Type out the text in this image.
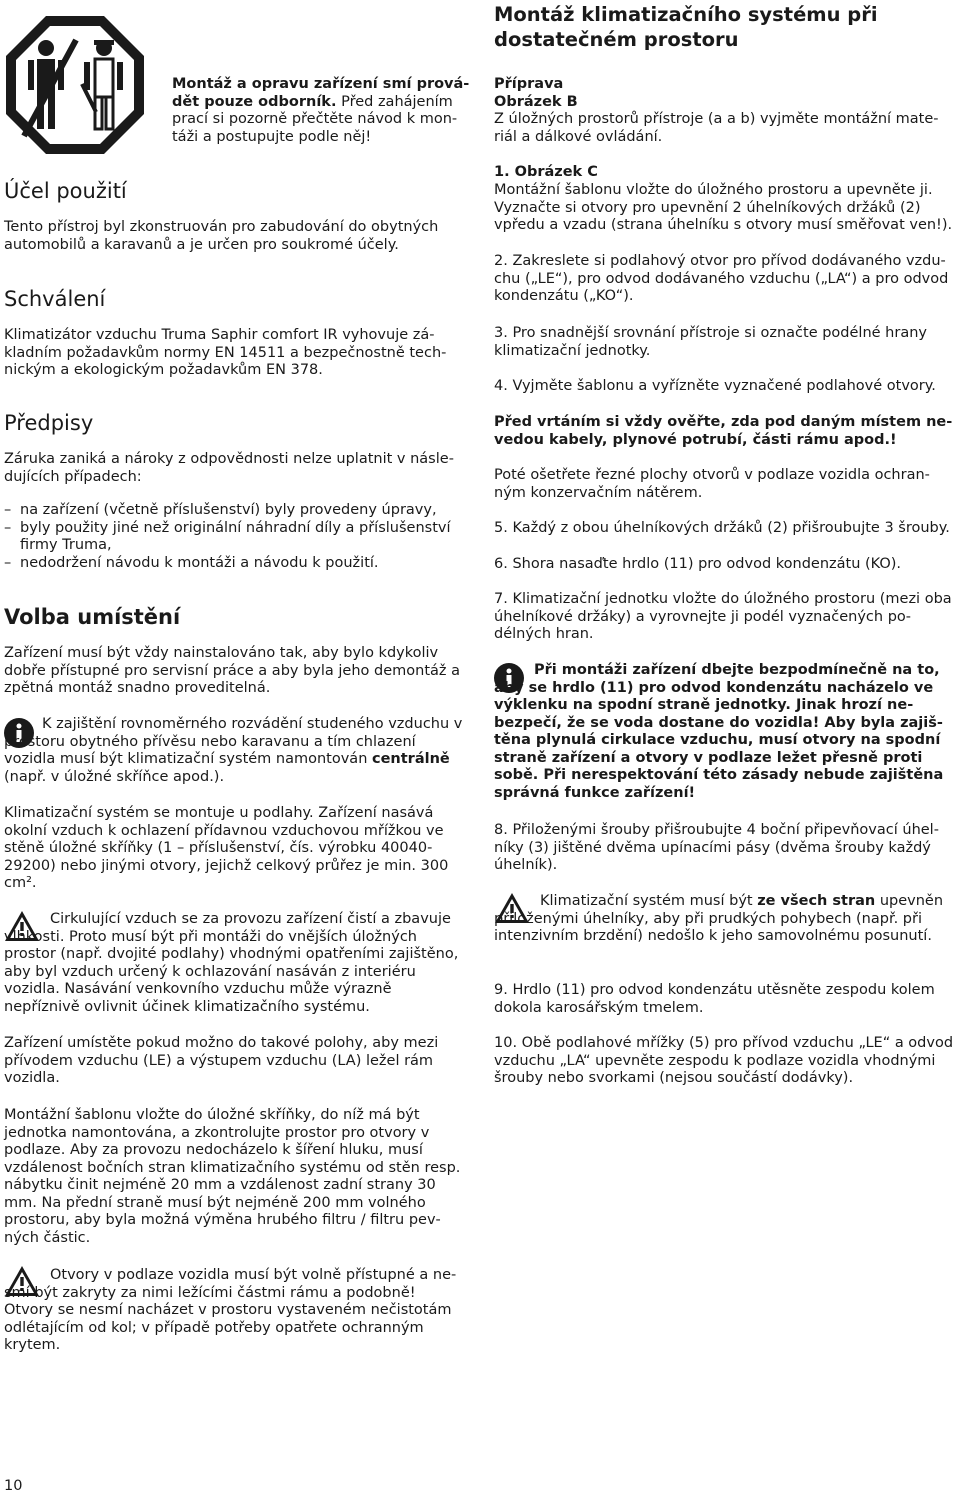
Montáž a opravu zařízení smí prová-
dět pouze odborník. Před zahájením
prací si pozorně přečtěte návod k mon-
táži a postupujte podle něj!
Montáž klimatizačního systému při
dostatečném prostoru
Účel použití

Tento přístroj byl zkonstruován pro zabudování do obytných automobilů a karavanů a je určen pro soukromé účely.

Schválení

Klimatizátor vzduchu Truma Saphir comfort IR vyhovuje základním požadavkům normy EN 14511 a bezpečnostně technickým a ekologickým požadavkům EN 378.

Předpisy

Záruka zaniká a nároky z odpovědnosti nelze uplatnit v následujících případech:

– na zařízení (včetně příslušenství) byly provedeny úpravy,
– byly použity jiné než originální náhradní díly a příslušenství firmy Truma,
– nedodržení návodu k montáži a návodu k použití.
Volba umístění

Zařízení musí být vždy nainstalováno tak, aby bylo kdykoliv dobře přístupné pro servisní práce a aby byla jeho demontáž a zpětná montáž snadno proveditelná.

K zajištění rovnoměrného rozvádění studeného vzduchu v prostoru obytného přívěsu nebo karavanu a tím chlazení vozidla musí být klimatizační systém namontován centrálně (např. v úložné skříňce apod.).

Klimatizační systém se montuje u podlahy. Zařízení nasává okolní vzduch k ochlazení přídavnou vzduchovou mřížkou ve stěně úložné skříňky (1 – příslušenství, čís. výrobku 40040-29200) nebo jinými otvory, jejichž celkový průřez je min. 300 cm².

Cirkulující vzduch se za provozu zařízení čistí a zbavuje vlhkosti. Proto musí být při montáži do vnějších úložných prostor (např. dvojité podlahy) vhodnými opatřeními zajištěno, aby byl vzduch určený k ochlazování nasáván z interiéru vozidla. Nasávání venkovního vzduchu může výrazně nepříznivě ovlivnit účinek klimatizačního systému.

Zařízení umístěte pokud možno do takové polohy, aby mezi přívodem vzduchu (LE) a výstupem vzduchu (LA) ležel rám vozidla.

Montážní šablonu vložte do úložné skříňky, do níž má být jednotka namontována, a zkontrolujte prostor pro otvory v podlaze. Aby za provozu nedocházelo k šíření hluku, musí vzdálenost bočních stran klimatizačního systému od stěn resp. nábytku činit nejméně 20 mm a vzdálenost zadní strany 30 mm. Na přední straně musí být nejméně 200 mm volného prostoru, aby byla možná výměna hrubého filtru / filtru pevných částic.

Otvory v podlaze vozidla musí být volně přístupné a nesmí být zakryty za nimi ležícími částmi rámu a podobně! Otvory se nesmí nacházet v prostoru vystaveném nečistotám odlétajícím od kol; v případě potřeby opatřete ochranným krytem.

10
Příprava
Obrázek B

Z úložných prostorů přístroje (a a b) vyjměte montážní materiál a dálkové ovládání.

1. Obrázek C

Montážní šablonu vložte do úložného prostoru a upevněte ji. Vyznačte si otvory pro upevnění 2 úhelníkových držáků (2) vpředu a vzadu (strana úhelníku s otvory musí směřovat ven!).

2. Zakreslete si podlahový otvor pro přívod dodávaného vzduchu („LE“), pro odvod dodávaného vzduchu („LA“) a pro odvod kondenzátu („KO“).

3. Pro snadnější srovnání přístroje si označte podélné hrany klimatizační jednotky.

4. Vyjměte šablonu a vyřízněte vyznačené podlahové otvory.

Před vrtáním si vždy ověřte, zda pod daným místem nevedou kabely, plynové potrubí, části rámu apod.!

Poté ošetřete řezné plochy otvorů v podlaze vozidla ochranným konzervačním nátěrem.

5. Každý z obou úhelníkových držáků (2) přišroubujte 3 šrouby.

6. Shora nasaďte hrdlo (11) pro odvod kondenzátu (KO).

7. Klimatizační jednotku vložte do úložného prostoru (mezi oba úhelníkové držáky) a vyrovnejte ji podél vyznačených podélných hran.

Při montáži zařízení dbejte bezpodmínečně na to, aby se hrdlo (11) pro odvod kondenzátu nacházelo ve výklenku na spodní straně jednotky. Jinak hrozí nebezpečí, že se voda dostane do vozidla! Aby byla zajištěna plynulá cirkulace vzduchu, musí otvory na spodní straně zařízení a otvory v podlaze ležet přesně proti sobě. Při nerespektování této zásady nebude zajištěna správná funkce zařízení!

8. Přiloženými šrouby přišroubujte 4 boční připevňovací úhelníky (3) jištěné dvěma upínacími pásy (dvěma šrouby každý úhelník).

Klimatizační systém musí být ze všech stran upevněn přiloženými úhelníky, aby při prudkých pohybech (např. při intenzivním brzdění) nedošlo k jeho samovolnému posunutí.

9. Hrdlo (11) pro odvod kondenzátu utěsněte zespodu kolem dokola karosářským tmelem.

10. Obě podlahové mřížky (5) pro přívod vzduchu „LE“ a odvod vzduchu „LA“ upevněte zespodu k podlaze vozidla vhodnými šrouby nebo svorkami (nejsou součástí dodávky).
